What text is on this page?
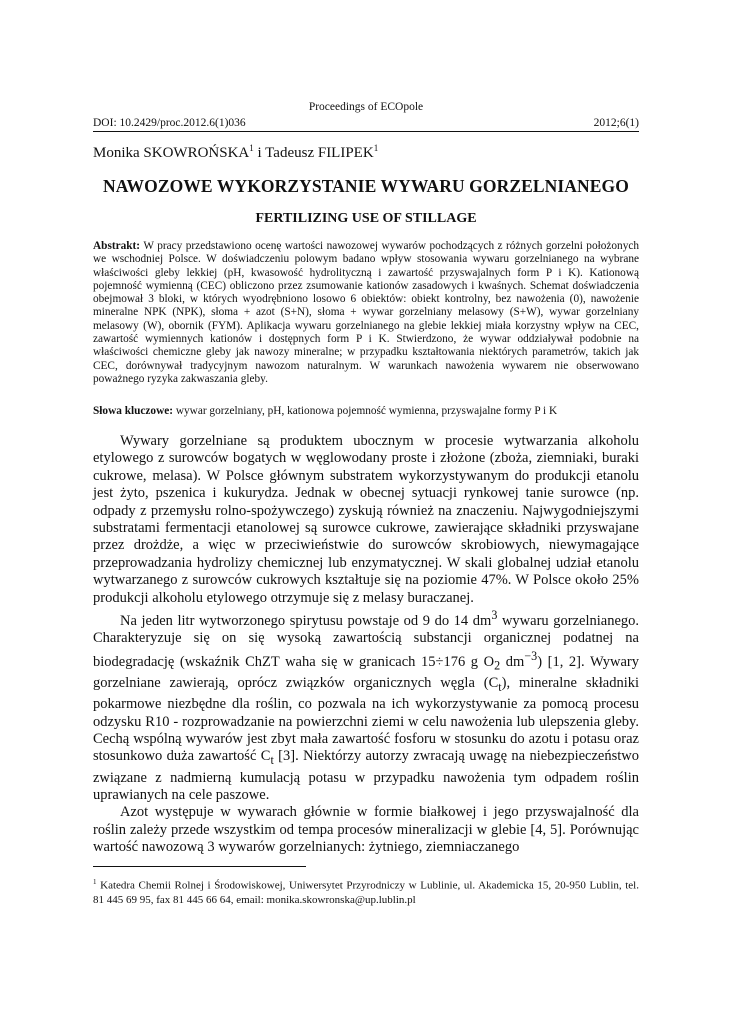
Proceedings of ECOpole
DOI: 10.2429/proc.2012.6(1)036	2012;6(1)
Monika SKOWROŃSKA$^1$ i Tadeusz FILIPEK$^1$
NAWOZOWE WYKORZYSTANIE WYWARU GORZELNIANEGO
FERTILIZING USE OF STILLAGE
Abstrakt: W pracy przedstawiono ocenę wartości nawozowej wywarów pochodzących z różnych gorzelni położonych we wschodniej Polsce. W doświadczeniu polowym badano wpływ stosowania wywaru gorzelnianego na wybrane właściwości gleby lekkiej (pH, kwasowość hydrolityczną i zawartość przyswajalnych form P i K). Kationową pojemność wymienną (CEC) obliczono przez zsumowanie kationów zasadowych i kwaśnych. Schemat doświadczenia obejmował 3 bloki, w których wyodrębniono losowo 6 obiektów: obiekt kontrolny, bez nawożenia (0), nawożenie mineralne NPK (NPK), słoma + azot (S+N), słoma + wywar gorzelniany melasowy (S+W), wywar gorzelniany melasowy (W), obornik (FYM). Aplikacja wywaru gorzelnianego na glebie lekkiej miała korzystny wpływ na CEC, zawartość wymiennych kationów i dostępnych form P i K. Stwierdzono, że wywar oddziaływał podobnie na właściwości chemiczne gleby jak nawozy mineralne; w przypadku kształtowania niektórych parametrów, takich jak CEC, dorównywał tradycyjnym nawozom naturalnym. W warunkach nawożenia wywarem nie obserwowano poważnego ryzyka zakwaszania gleby.
Słowa kluczowe: wywar gorzelniany, pH, kationowa pojemność wymienna, przyswajalne formy P i K

Wywary gorzelniane są produktem ubocznym w procesie wytwarzania alkoholu etylowego z surowców bogatych w węglowodany proste i złożone (zboża, ziemniaki, buraki cukrowe, melasa). W Polsce głównym substratem wykorzystywanym do produkcji etanolu jest żyto, pszenica i kukurydza. Jednak w obecnej sytuacji rynkowej tanie surowce (np. odpady z przemysłu rolno-spożywczego) zyskują również na znaczeniu. Najwygodniejszymi substratami fermentacji etanolowej są surowce cukrowe, zawierające składniki przyswajane przez drożdże, a więc w przeciwieństwie do surowców skrobiowych, niewymagające przeprowadzania hydrolizy chemicznej lub enzymatycznej. W skali globalnej udział etanolu wytwarzanego z surowców cukrowych kształtuje się na poziomie 47%. W Polsce około 25% produkcji alkoholu etylowego otrzymuje się z melasy buraczanej.

Na jeden litr wytworzonego spirytusu powstaje od 9 do 14 $dm^3$ wywaru gorzelnianego. Charakteryzuje się on się wysoką zawartością substancji organicznej podatnej na biodegradację (wskaźnik ChZT waha się w granicach 15÷176 g $O_2$ $dm^{-3}$) [1, 2]. Wywary gorzelniane zawierają, oprócz związków organicznych węgla $(C_t)$, mineralne składniki pokarmowe niezbędne dla roślin, co pozwala na ich wykorzystywanie za pomocą procesu odzysku R10 - rozprowadzanie na powierzchni ziemi w celu nawożenia lub ulepszenia gleby. Cechą wspólną wywarów jest zbyt mała zawartość fosforu w stosunku do azotu i potasu oraz stosunkowo duża zawartość $C_t$ [3]. Niektórzy autorzy zwracają uwagę na niebezpieczeństwo związane z nadmierną kumulacją potasu w przypadku nawożenia tym odpadem roślin uprawianych na cele paszowe.

Azot występuje w wywarach głównie w formie białkowej i jego przyswajalność dla roślin zależy przede wszystkim od tempa procesów mineralizacji w glebie [4, 5]. Porównując wartość nawozową 3 wywarów gorzelnianych: żytniego, ziemniaczanego

$^1$ Katedra Chemii Rolnej i Środowiskowej, Uniwersytet Przyrodniczy w Lublinie, ul. Akademicka 15, 20-950 Lublin, tel. 81 445 69 95, fax 81 445 66 64, email: monika.skowronska@up.lublin.pl
